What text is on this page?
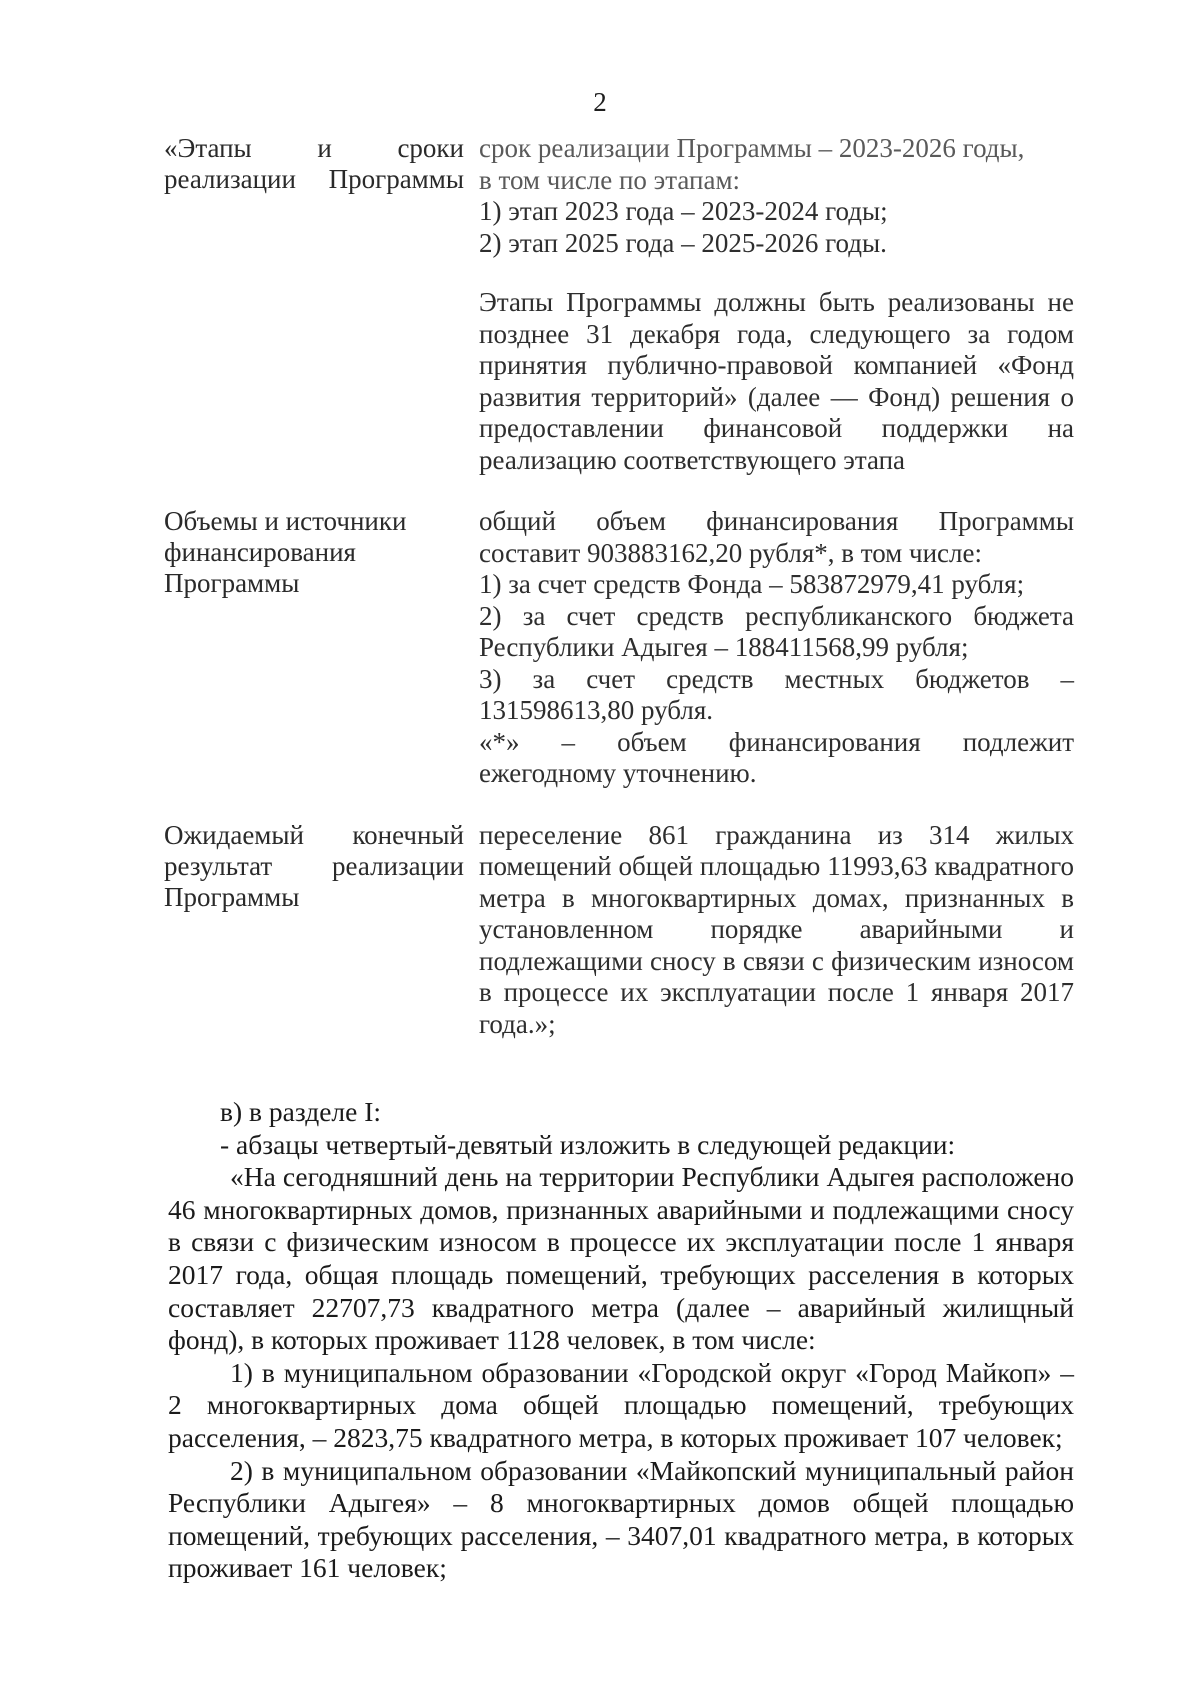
2
«Этапы и сроки реализации Программы
срок реализации Программы – 2023-2026 годы,
в том числе по этапам:
1) этап 2023 года – 2023-2024 годы;
2) этап 2025 года – 2025-2026 годы.
Этапы Программы должны быть реализованы не позднее 31 декабря года, следующего за годом принятия публично-правовой компанией «Фонд развития территорий» (далее — Фонд) решения о предоставлении финансовой поддержки на реализацию соответствующего этапа
Объемы и источники финансирования Программы
общий объем финансирования Программы составит 903883162,20 рубля*, в том числе:
1) за счет средств Фонда – 583872979,41 рубля;
2) за счет средств республиканского бюджета Республики Адыгея – 188411568,99 рубля;
3) за счет средств местных бюджетов – 131598613,80 рубля.
«*» – объем финансирования подлежит ежегодному уточнению.
Ожидаемый конечный результат реализации Программы
переселение 861 гражданина из 314 жилых помещений общей площадью 11993,63 квадратного метра в многоквартирных домах, признанных в установленном порядке аварийными и подлежащими сносу в связи с физическим износом в процессе их эксплуатации после 1 января 2017 года.»;

в) в разделе I:

- абзацы четвертый-девятый изложить в следующей редакции:

«На сегодняшний день на территории Республики Адыгея расположено 46 многоквартирных домов, признанных аварийными и подлежащими сносу в связи с физическим износом в процессе их эксплуатации после 1 января 2017 года, общая площадь помещений, требующих расселения в которых составляет 22707,73 квадратного метра (далее – аварийный жилищный фонд), в которых проживает 1128 человек, в том числе:

1) в муниципальном образовании «Городской округ «Город Майкоп» – 2 многоквартирных дома общей площадью помещений, требующих расселения, – 2823,75 квадратного метра, в которых проживает 107 человек;

2) в муниципальном образовании «Майкопский муниципальный район Республики Адыгея» – 8 многоквартирных домов общей площадью помещений, требующих расселения, – 3407,01 квадратного метра, в которых проживает 161 человек;
